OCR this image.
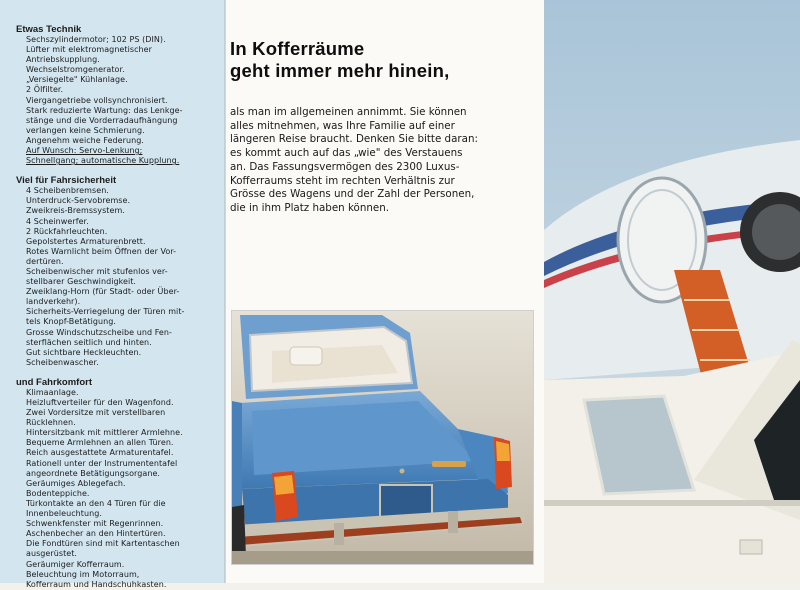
Etwas Technik
Sechszylindermotor; 102 PS (DIN).
Lüfter mit elektromagnetischer
Antriebskupplung.
Wechselstromgenerator.
„Versiegelte" Kühlanlage.
2 Ölfilter.
Viergangetriebe vollsynchronisiert.
Stark reduzierte Wartung: das Lenkge-
stänge und die Vorderradaufhängung
verlangen keine Schmierung.
Angenehm weiche Federung.
Auf Wunsch: Servo-Lenkung;
Schnellgang; automatische Kupplung.
Viel für Fahrsicherheit
4 Scheibenbremsen.
Unterdruck-Servobremse.
Zweikreis-Bremssystem.
4 Scheinwerfer.
2 Rückfahrleuchten.
Gepolstertes Armaturenbrett.
Rotes Warnlicht beim Öffnen der Vor-
dertüren.
Scheibenwischer mit stufenlos ver-
stellbarer Geschwindigkeit.
Zweiklang-Horn (für Stadt- oder Über-
landverkehr).
Sicherheits-Verriegelung der Türen mit-
tels Knopf-Betätigung.
Grosse Windschutzscheibe und Fen-
sterflächen seitlich und hinten.
Gut sichtbare Heckleuchten.
Scheibenwascher.
und Fahrkomfort
Klimaanlage.
Heizluftverteiler für den Wagenfond.
Zwei Vordersitze mit verstellbaren
Rücklehnen.
Hintersitzbank mit mittlerer Armlehne.
Bequeme Armlehnen an allen Türen.
Reich ausgestattete Armaturentafel.
Rationell unter der Instrumententafel
angeordnete Betätigungsorgane.
Geräumiges Ablegefach.
Bodenteppiche.
Türkontakte an den 4 Türen für die
Innenbeleuchtung.
Schwenkfenster mit Regenrinnen.
Aschenbecher an den Hintertüren.
Die Fondtüren sind mit Kartentaschen
ausgerüstet.
Geräumiger Kofferraum.
Beleuchtung im Motorraum,
Kofferraum und Handschuhkasten.
In Kofferräume
geht immer mehr hinein,

als man im allgemeinen annimmt. Sie können
alles mitnehmen, was Ihre Familie auf einer
längeren Reise braucht. Denken Sie bitte daran:
es kommt auch auf das „wie" des Verstauens
an. Das Fassungsvermögen des 2300 Luxus-
Kofferraums steht im rechten Verhältnis zur
Grösse des Wagens und der Zahl der Personen,
die in ihm Platz haben können.
